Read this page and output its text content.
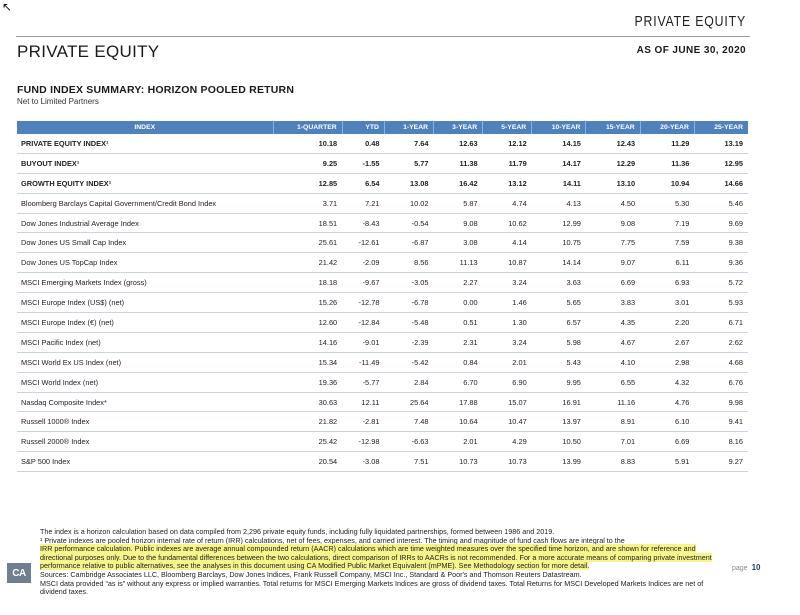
↖
PRIVATE EQUITY
PRIVATE EQUITY	AS OF JUNE 30, 2020
FUND INDEX SUMMARY: HORIZON POOLED RETURN
Net to Limited Partners
INDEX	1-QUARTER	YTD	1-YEAR	3-YEAR	5-YEAR	10-YEAR	15-YEAR	20-YEAR	25-YEAR
PRIVATE EQUITY INDEX¹	10.18	0.48	7.64	12.63	12.12	14.15	12.43	11.29	13.19
BUYOUT INDEX¹	9.25	-1.55	5.77	11.38	11.79	14.17	12.29	11.36	12.95
GROWTH EQUITY INDEX¹	12.85	6.54	13.08	16.42	13.12	14.11	13.10	10.94	14.66
Bloomberg Barclays Capital Government/Credit Bond Index	3.71	7.21	10.02	5.87	4.74	4.13	4.50	5.30	5.46
Dow Jones Industrial Average Index	18.51	-8.43	-0.54	9.08	10.62	12.99	9.08	7.19	9.69
Dow Jones US Small Cap Index	25.61	-12.61	-6.87	3.08	4.14	10.75	7.75	7.59	9.38
Dow Jones US TopCap Index	21.42	-2.09	8.56	11.13	10.87	14.14	9.07	6.11	9.36
MSCI Emerging Markets Index (gross)	18.18	-9.67	-3.05	2.27	3.24	3.63	6.69	6.93	5.72
MSCI Europe Index (US$) (net)	15.26	-12.78	-6.78	0.00	1.46	5.65	3.83	3.01	5.93
MSCI Europe Index (€) (net)	12.60	-12.84	-5.48	0.51	1.30	6.57	4.35	2.20	6.71
MSCI Pacific Index (net)	14.16	-9.01	-2.39	2.31	3.24	5.98	4.67	2.67	2.62
MSCI World Ex US Index (net)	15.34	-11.49	-5.42	0.84	2.01	5.43	4.10	2.98	4.68
MSCI World Index (net)	19.36	-5.77	2.84	6.70	6.90	9.95	6.55	4.32	6.76
Nasdaq Composite Index*	30.63	12.11	25.64	17.88	15.07	16.91	11.16	4.76	9.98
Russell 1000® Index	21.82	-2.81	7.48	10.64	10.47	13.97	8.91	6.10	9.41
Russell 2000® Index	25.42	-12.98	-6.63	2.01	4.29	10.50	7.01	6.69	8.16
S&P 500 Index	20.54	-3.08	7.51	10.73	10.73	13.99	8.83	5.91	9.27

The index is a horizon calculation based on data compiled from 2,296 private equity funds, including fully liquidated partnerships, formed between 1986 and 2019.

¹ Private indexes are pooled horizon internal rate of return (IRR) calculations, net of fees, expenses, and carried interest. The timing and magnitude of fund cash flows are integral to the

IRR performance calculation. Public indexes are average annual compounded return (AACR) calculations which are time weighted measures over the specified time horizon, and are shown for reference and directional purposes only. Due to the fundamental differences between the two calculations, direct comparison of IRRs to AACRs is not recommended. For a more accurate means of comparing private investment performance relative to public alternatives, see the analyses in this document using CA Modified Public Market Equivalent (mPME). See Methodology section for more detail.

Sources: Cambridge Associates LLC, Bloomberg Barclays, Dow Jones Indices, Frank Russell Company, MSCI Inc., Standard & Poor's and Thomson Reuters Datastream.

MSCI data provided “as is” without any express or implied warranties. Total returns for MSCI Emerging Markets Indices are gross of dividend taxes. Total Returns for MSCI Developed Markets Indices are net of dividend taxes.

CA	page 10
